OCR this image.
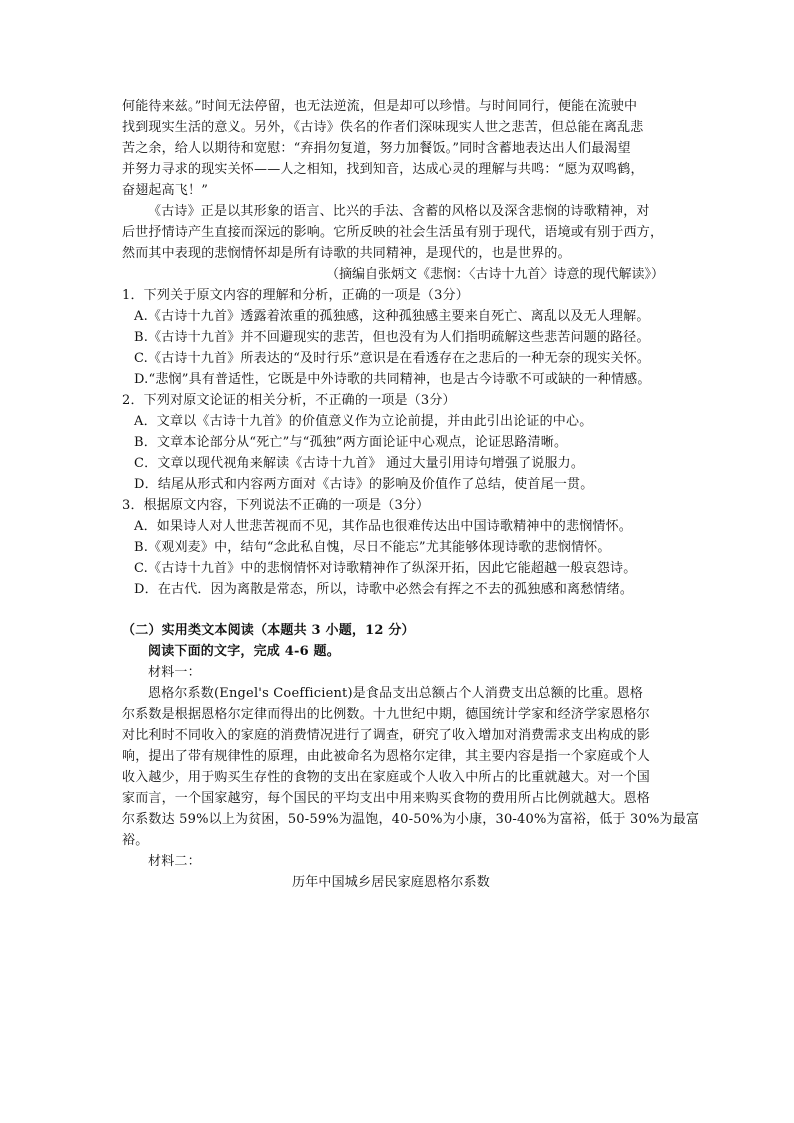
何能待来兹。”时间无法停留，也无法逆流，但是却可以珍惜。与时间同行，便能在流驶中
找到现实生活的意义。另外，《古诗》佚名的作者们深味现实人世之悲苦，但总能在离乱悲
苦之余，给人以期待和宽慰：“弃捐勿复道，努力加餐饭。”同时含蓄地表达出人们最渴望
并努力寻求的现实关怀——人之相知，找到知音，达成心灵的理解与共鸣：“愿为双鸣鹤，
奋翅起高飞！”
《古诗》正是以其形象的语言、比兴的手法、含蓄的风格以及深含悲悯的诗歌精神，对
后世抒情诗产生直接而深远的影响。它所反映的社会生活虽有别于现代，语境或有别于西方，
然而其中表现的悲悯情怀却是所有诗歌的共同精神，是现代的，也是世界的。
（摘编自张炳文《悲悯：〈古诗十九首〉诗意的现代解读》）
1．下列关于原文内容的理解和分析，正确的一项是（3分）
A.《古诗十九首》透露着浓重的孤独感，这种孤独感主要来自死亡、离乱以及无人理解。
B.《古诗十九首》并不回避现实的悲苦，但也没有为人们指明疏解这些悲苦问题的路径。
C.《古诗十九首》所表达的“及时行乐”意识是在看透存在之悲后的一种无奈的现实关怀。
D.“悲悯”具有普适性，它既是中外诗歌的共同精神，也是古今诗歌不可或缺的一种情感。
2．下列对原文论证的相关分析，不正确的一项是（3分）
A．文章以《古诗十九首》的价值意义作为立论前提，并由此引出论证的中心。
B．文章本论部分从“死亡”与“孤独”两方面论证中心观点，论证思路清晰。
C．文章以现代视角来解读《古诗十九首》 通过大量引用诗句增强了说服力。
D．结尾从形式和内容两方面对《古诗》的影响及价值作了总结，使首尾一贯。
3．根据原文内容，下列说法不正确的一项是（3分）
A．如果诗人对人世悲苦视而不见，其作品也很难传达出中国诗歌精神中的悲悯情怀。
B.《观刈麦》中，结句“念此私自愧，尽日不能忘”尤其能够体现诗歌的悲悯情怀。
C.《古诗十九首》中的悲悯情怀对诗歌精神作了纵深开拓，因此它能超越一般哀怨诗。
D．在古代．因为离散是常态，所以，诗歌中必然会有挥之不去的孤独感和离愁情绪。
（二）实用类文本阅读（本题共 3 小题，12 分）
阅读下面的文字，完成 4-6 题。
材料一：
恩格尔系数(Engel's Coefficient)是食品支出总额占个人消费支出总额的比重。恩格
尔系数是根据恩格尔定律而得出的比例数。十九世纪中期，德国统计学家和经济学家恩格尔
对比利时不同收入的家庭的消费情况进行了调查，研究了收入增加对消费需求支出构成的影
响，提出了带有规律性的原理，由此被命名为恩格尔定律，其主要内容是指一个家庭或个人
收入越少，用于购买生存性的食物的支出在家庭或个人收入中所占的比重就越大。对一个国
家而言，一个国家越穷，每个国民的平均支出中用来购买食物的费用所占比例就越大。恩格
尔系数达 59%以上为贫困，50-59%为温饱，40-50%为小康，30-40%为富裕，低于 30%为最富
裕。
材料二：
历年中国城乡居民家庭恩格尔系数
